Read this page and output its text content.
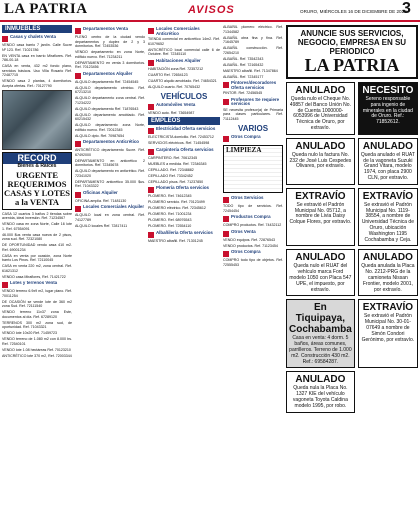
LA PATRIA	AVISOS	ORURO, MIÉRCOLES 16 DE DICIEMBRE DE 2020
3
INMUEBLES
Casas y chalets Venta
VENDO casa barrio 7 jardín. Calle Sucre Nº 123. Ref. 71021786
EN VENTA casa en barrio Miraflores. Ref. 786-00-18
CASA en venta, 432 m2 fondo plano, servicios básicos. Uso Villa Rosario Ref. 72487715
VENDO casa 2 plantas, 4 dormitorios. Acepta ofertas. Ref.: 70127790
RECORD
Bienes & Raíces
URGENTE REQUERIMOS CASAS Y LOTES a la VENTA
CASA 12 cuartos 3 baños 2 tiendas sobre avenida, ideal inversión. Ref. 71234567
VENDO casa en zona Norte, Calle 16 lote 1. Ref. 67554091
46.000 $us venta casa nueva de 2 pisos, zona sud. Ref. 72321080
DE OPORTUNIDAD vendo casa 410 m2. Ref. 69001234
CASA en venta por ocasión, zona Norte barrio Los Pinos. Ref. 72110045
CASA en venta 220 m2, zona central. Ref. 61621312
VENDO casa Miraflores, Ref. 71421722
Lotes y terrenos Venta
VENDO terreno 6.9x9 m2, lugar plano. Ref. 70011254
DE OCASIÓN se vende lote de 360 m2 zona Sud. Ref. 72111540
VENDO terreno 11x37 zona Este, documentos al día. Ref. 67289120
TERRENOS 300 m2 zona sud, de oportunidad. Ref. 71043321
VENDO lote 10x20 Ref. 71459723
VENDO terreno de 1.080 m2 con 8.000 bs. Ref. 72540101
VENDO lote 1.08 hectáreas Ref. 70123210
ANTICRÉTICO lote 370 m2, Ref. 72003344
Departamentos Venta
PLENO centro de la ciudad vendo departamentos y duplex de 2 y 3 dormitorios. Ref. 72453536
VENDO departamento en zona Norte, edificio nuevo. Ref. 71234211
DEPARTAMENTO en venta 3 dormitorios. Ref. 70123456
Departamentos Alquiler
ALQUILO departamento Ref. 72454545
ALQUILO departamento céntrico. Ref. 67213210
ALQUILO departamento zona central. Ref. 71234222
ALQUILO departamento Ref. 71876543
ALQUILO departamento amoblado. Ref. 60215432
ALQUILO departamento zona Norte, edificio nuevo. Ref. 72012345
ALQUILO dpto. Ref. 70987654
Departamentos Anticrético
ANTICRÉTICO departamento Sucre. Ref. 67492000
DEPARTAMENTO en anticrético 2 dormitorios. Ref. 72345678
ALQUILO departamento en anticrético. Ref. 72341020
DEPARTAMENTO anticrético 35.000 $us. Ref. 71043322
Oficinas Alquiler
OFICINA amplia. Ref. 71481130
Locales Comerciales Alquiler
ALQUILO local en zona central. Ref. 74127789
ALQUILO locales Ref. 72817411
Locales Comerciales Anticrético
TIENDA comercial en anticrético 14m2. Ref. 61079652
ANTICRÉTICO local comercial calle 6 de Octubre. Ref. 72345110
Habitaciones Alquiler
HABITACIÓN zona Ref. 72357212
CUARTO Ref. 72654123
CUARTO alquilo amoblado. Ref. 74654321
ALQUILO cuarto. Ref. 70765432
VEHÍCULOS
Automóviles Venta
VENDO auto. Ref. 73654987
EMPLEOS
Electricidad Oferta servicios
ELECTRICISTA domicilio. Ref. 72453712
SERVICIOS eléctricos. Ref. 71454598
Carpintería Oferta servicios
CARPINTERO. Ref. 70612345
MUEBLES a medida. Ref. 72346345
CEPILLADO. Ref. 72348882
CEPILLADO Ref. 73342452
CEPILLADO pisos. Ref. 71237850
Plomería Oferta servicios
PLOMERO. Ref. 74612345
PLOMERO servicio. Ref. 70123499
PLOMERO eléctrico. Ref. 72345612
PLOMERO. Ref. 71001234
PLOMERO. Ref. 68976543
PLOMERO. Ref. 72554110
Albañilería Oferta servicios
MAESTRO albañil. Ref. 71301245
ALBAÑIL plomero eléctrico. Ref. 71344582
ALBAÑIL obra fina y fina. Ref. 71645789
ALBAÑIL construcción. Ref. 72654210
ALBAÑIL. Ref. 73542343
ALBAÑIL. Ref. 72165432
MAESTRO albañil. Ref. 71347864
ALBAÑIL. Ref. 72345177
Pintores/decoradores Oferta servicios
PINTOR. Ref. 72456545
Profesores Se requiere servicios
SE necesita profesor(a) de Primaria para clases particulares. Ref. 71112445
VARIOS
Otros Compra
LIMPIEZA
Otros Servicios
TODO tipo de servicios. Ref. 72454454
Productos Compra
COMPRO productos. Ref. 74432112
Otros Venta
VENDO equipos. Ref. 72876543
VENDO productos. Ref. 71123454
Otros Compra
COMPRO todo tipo de objetos. Ref. 72555453
ANUNCIE SUS SERVICIOS, NEGOCIO, EMPRESA EN SU PERIODICO
LA PATRIA
ANULADO
Queda nulo el Cheque No. 49857 del Banco Unión No. de Cuenta 1000000-6053996 de Universidad Técnica de Oruro, por extravío.
NECESITO
Sereno responsable para ingenio de minerales en la ciudad de Oruro. Ref.: 71852612.
ANULADO
Queda nulo la factura No. 232 de José Luis Cespedes Olivares, por extravío.
ANULADO
Queda anulado el RUAT de la vagoneta Suzuki Grand Vitara, modelo 1974, con placa 2900 CLN, por extravío.
EXTRAVÍO
Se extravió el Padrón Municipal No. 05712, a nombre de Livia Daisy Colque Flores, por extravío.
EXTRAVÍO
Se extravió el Padrón Municipal No. 1119-38554, a nombre de Universidad Técnica de Oruro, ubicación Washington 1195 Cochabamba y Ceja.
ANULADO
Queda nulo el RUAT del vehículo marca Ford modelo 1050 con Placa 547 UPE, el impuesto, por extravío.
ANULADO
Queda anulada la Placa No. 2212-PRG de la camioneta Nissan Frontier, modelo 2001, por extravío.
En Tiquipaya, Cochabamba
Casa en venta: 4 dorm. 5 baños, áreas comunes, parrilleros. Terreno de 1.000 m2. Construcción 430 m2. Ref.: 69584287.
EXTRAVÍO
Se extravió el Padrón Municipal No. 30-01-07649 a nombre de Simón Condori Gerónimo, por extravío.
ANULADO
Queda nula la Placa No. 1327 KIE del vehículo vagoneta Toyota Caldina modelo 1995, por robo.
